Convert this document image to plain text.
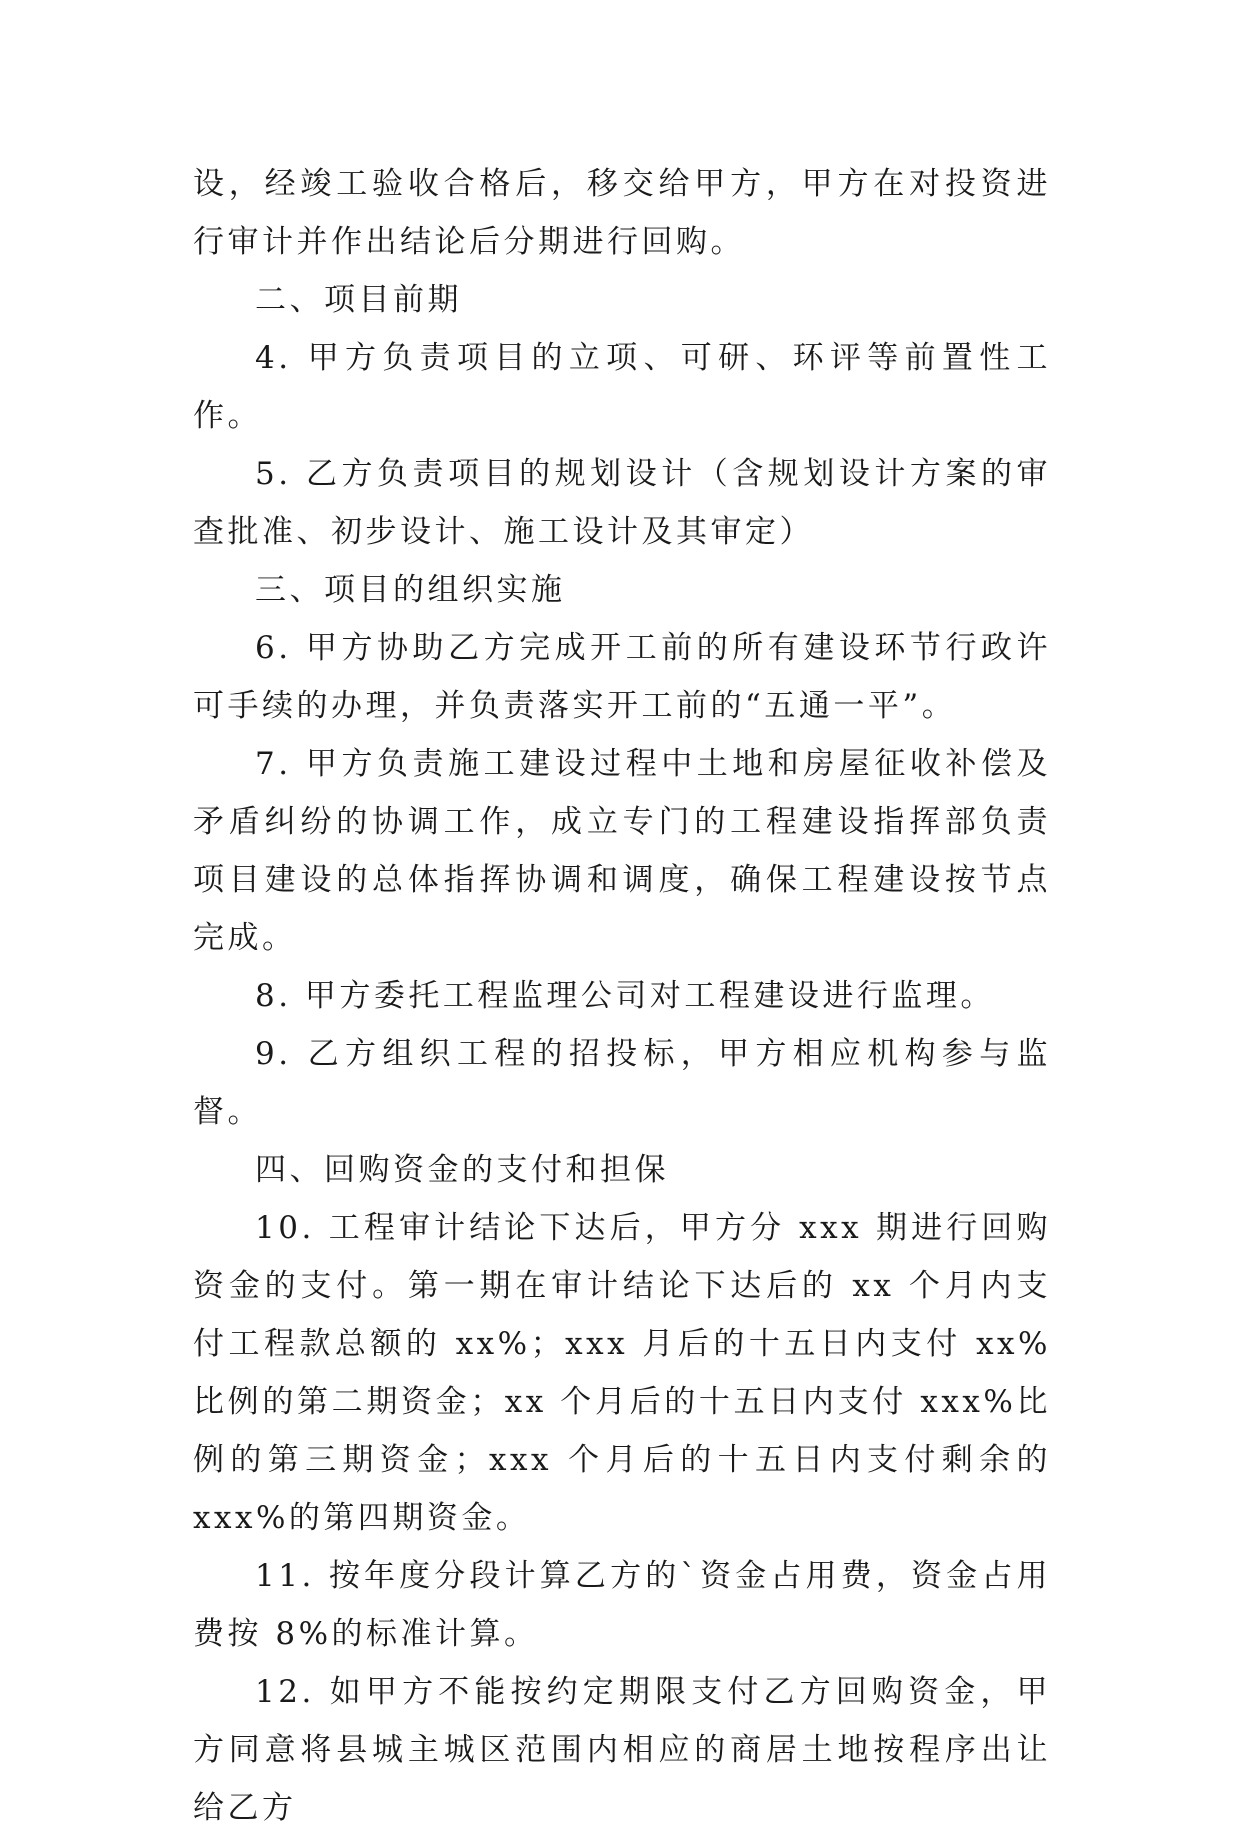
设，经竣工验收合格后，移交给甲方，甲方在对投资进行审计并作出结论后分期进行回购。

二、项目前期

4. 甲方负责项目的立项、可研、环评等前置性工作。

5. 乙方负责项目的规划设计（含规划设计方案的审查批准、初步设计、施工设计及其审定）

三、项目的组织实施

6. 甲方协助乙方完成开工前的所有建设环节行政许可手续的办理，并负责落实开工前的“五通一平”。

7. 甲方负责施工建设过程中土地和房屋征收补偿及矛盾纠纷的协调工作，成立专门的工程建设指挥部负责项目建设的总体指挥协调和调度，确保工程建设按节点完成。

8. 甲方委托工程监理公司对工程建设进行监理。

9. 乙方组织工程的招投标，甲方相应机构参与监督。

四、回购资金的支付和担保

10. 工程审计结论下达后，甲方分 xxx 期进行回购资金的支付。第一期在审计结论下达后的 xx 个月内支付工程款总额的 xx%；xxx 月后的十五日内支付 xx%比例的第二期资金；xx 个月后的十五日内支付 xxx%比例的第三期资金；xxx 个月后的十五日内支付剩余的 xxx%的第四期资金。

11. 按年度分段计算乙方的`资金占用费，资金占用费按 8%的标准计算。

12. 如甲方不能按约定期限支付乙方回购资金，甲方同意将县城主城区范围内相应的商居土地按程序出让给乙方
